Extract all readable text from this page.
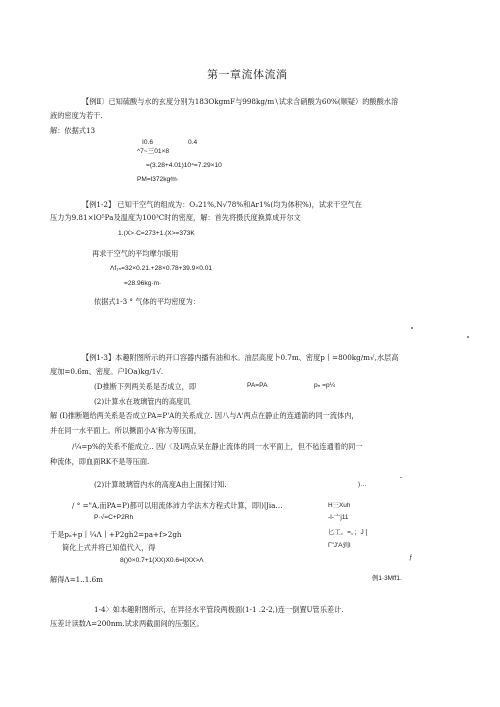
第一章流体流淌
【例Ⅱ〕已知硫酸与水的玄度分别为183OkgmF与998kg∕m∖试求含硝酸为60%(顺疑）的酸酸水溶
液的密度为若干.
解：依据式13
I0.6	0.4
^7~三01×8
=(3.28+4.01)10⁴=7.29×10
PM=l372kg∕m·
【例1-2】 已知干空气的组成为：O₂21%,N√78%和Ar1%(均为体积%)，试求干空气在
压力为9.81×lO⁵Pa及温度为100³C时的密度，解：首先将摄氏度换算成开尔文
1.(X>·C=273+1.(X>=373K
再求干空气的平均摩尔版用
Λf₁ₙ=32×0.21.+28×0.78+39.9×0.01
=28.96kg·m·
依据式1-3 ° 气体的平均密度为：
【例1-3】本趣附图所示的开口容器内播有油和水。油层高度卜0.7m、密度p丨=800kg∕m√,水层高
度加=0.6m、密度。户IOa)kg∕1√.
(D推断下列两关系是否成立，即	PA=PA	pₙ =p¼
(2)计算水在玻璃管内的高度讥
解 (I)推断题给两关系是否成立PA=P'A的关系成立. 因八与Λ'两点在静止的连通箭的同一流体内，
并在同一水平面上。所以撅面小A'称为等压面，
∕¼=p%的关系不能成立.. 因/〈及I两点呆在静止流体的同一水平面上，但不毡连通着的同一
种流体，即血面RK不是等压面.
(2)计算玻璃管内水的高度A由上面探讨知.	)…
ˆ
/ ° ="A,而PA=P)都可以用流体沛力学法木方程式计算，即∣)∣Jia…	H三Xuh
P·√=C+P2Rh	-I-亠j11
于是pₐ+p丨¼Λ丨+P2gh2=pa+f>2gh	匕工。=。；J [
简化上式并将已知值代入，得	Γ"J'A到I
8()0×0.7+1(XX)X0.6=l(XX>Λ	ƒ
解得Λ=1..1.6m	例1·3Mff1.
1-4〉如本趣附图所示，在异径水平管段两极面(1-1 .2-2,)连一倒置U管乐差计.
压差计读数Λ=200nm.试求两截面间的压强区。
